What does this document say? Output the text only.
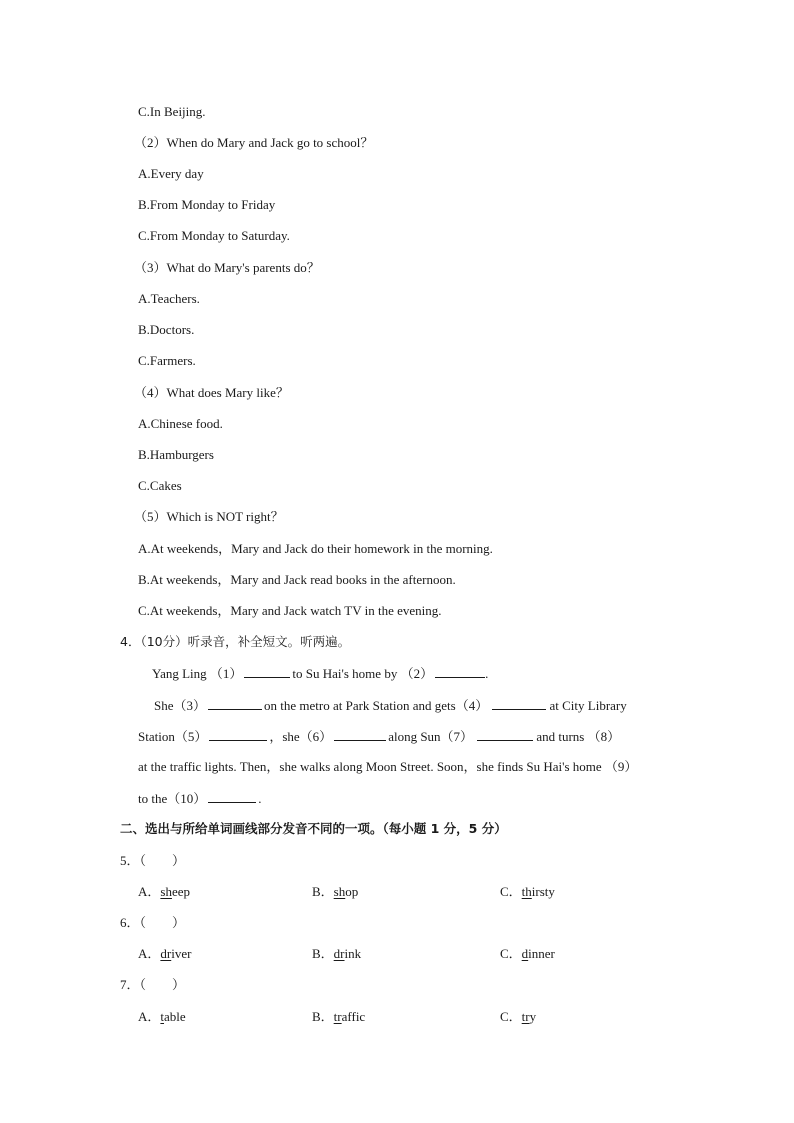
C.In Beijing.
（2）When do Mary and Jack go to school？
A.Every day
B.From Monday to Friday
C.From Monday to Saturday.
（3）What do Mary's parents do？
A.Teachers.
B.Doctors.
C.Farmers.
（4）What does Mary like？
A.Chinese food.
B.Hamburgers
C.Cakes
（5）Which is NOT right？
A.At weekends，Mary and Jack do their homework in the morning.
B.At weekends，Mary and Jack read books in the afternoon.
C.At weekends，Mary and Jack watch TV in the evening.
4．（10分）听录音，补全短文。听两遍。
Yang Ling （1）	to Su Hai's home by （2）	.
She（3）	on the metro at Park Station and gets（4）	at City Library
Station（5）	，she（6）	along Sun（7）	and turns （8）
at the traffic lights. Then，she walks along Moon Street. Soon，she finds Su Hai's home （9）
to the（10）	.
二、选出与所给单词画线部分发音不同的一项。（每小题 1 分，5 分）
5．（　　）
A．sheep	B．shop	C．thirsty
6．（　　）
A．driver	B．drink	C．dinner
7．（　　）
A．table	B．traffic	C．try
